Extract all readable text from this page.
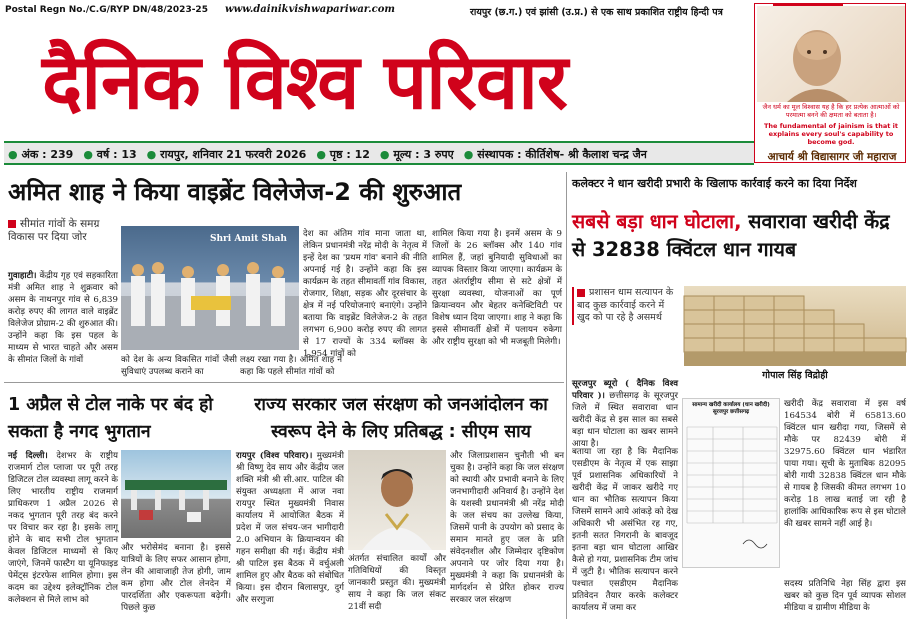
Postal Regn No./C.G/RYP DN/48/2023-25 www.dainikvishwapariwar.com	रायपुर (छ.ग.) एवं झांसी (उ.प्र.) से एक साथ प्रकाशित राष्ट्रीय हिन्दी पत्र
दैनिक विश्व परिवार	जैन धर्म का मूल विश्वास यह है कि हर प्रत्येक आत्माओं को परमात्मा बनने की क्षमता को बताता है।
The fundamental of jainism is that it explains every soul's capability to become god.
● अंक : 239 ● वर्ष : 13 ● रायपुर, शनिवार 21 फरवरी 2026 ● पृष्ठ : 12 ● मूल्य : 3 रुपए ● संस्थापक : कीर्तिशेष- श्री कैलाश चन्द्र जैन	आचार्य श्री विद्यासागर जी महाराज
अमित शाह ने किया वाइब्रेंट विलेजेज-2 की शुरुआत
सीमांत गांवों के समग्र विकास पर दिया जोर
गुवाहाटी। केंद्रीय गृह एवं सहकारिता मंत्री अमित शाह ने शुक्रवार को असम के नाथनपुर गांव से 6,839 करोड़ रुपए की लागत वाले वाइब्रेंट विलेजेज प्रोग्राम-2 की शुरुआत की। उन्होंने कहा कि इस पहल के माध्यम से भारत चाहते और असम के सीमांत जिलों के गांवों
Shri Amit Shah
को देश के अन्य विकसित गांवों जैसी सुविधाएं उपलब्ध कराने का
लक्ष्य रखा गया है। अमित शाह ने कहा कि पहले सीमांत गांवों को
देश का अंतिम गांव माना जाता था, लेकिन प्रधानमंत्री नरेंद्र मोदी के नेतृत्व में इन्हें देश का 'प्रथम गांव' बनाने की नीति अपनाई गई है। उन्होंने कहा कि इस कार्यक्रम के तहत सीमावर्ती गांव विकास, रोजगार, शिक्षा, सड़क और दूरसंचार के क्षेत्र में नई परियोजनाएं बनाएंगे। उन्होंने बताया कि वाइब्रेंट विलेजेज-2 के तहत लगभग 6,900 करोड़ रुपए की लागत से 17 राज्यों के 334 ब्लॉक्स के 1,954 गांवों को
शामिल किया गया है। इनमें असम के 9 जिलों के 26 ब्लॉक्स और 140 गांव शामिल हैं, जहां बुनियादी सुविधाओं का व्यापक विस्तार किया जाएगा। कार्यक्रम के तहत अंतर्राष्ट्रीय सीमा से सटे क्षेत्रों में सुरक्षा व्यवस्था, योजनाओं का पूर्ण क्रियान्वयन और बेहतर कनेक्टिविटी पर विशेष ध्यान दिया जाएगा। शाह ने कहा कि इससे सीमावर्ती क्षेत्रों में पलायन रुकेगा और राष्ट्रीय सुरक्षा को भी मजबूती मिलेगी।
1 अप्रैल से टोल नाके पर बंद हो सकता है नगद भुगतान
नई दिल्ली। देशभर के राष्ट्रीय राजमार्ग टोल प्लाजा पर पूरी तरह डिजिटल टोल व्यवस्था लागू करने के लिए भारतीय राष्ट्रीय राजमार्ग प्राधिकरण 1 अप्रैल 2026 से नकद भुगतान पूरी तरह बंद करने पर विचार कर रहा है। इसके लागू होने के बाद सभी टोल भुगतान केवल डिजिटल माध्यमों से किए जाएंगे, जिनमें फास्टैग या यूनिफाइड पेमेंट्स इंटरफेस शामिल होगा। इस कदम का उद्देश्य इलेक्ट्रॉनिक टोल कलेक्शन से मिले लाभ को
और भरोसेमंद बनाना है। इससे यात्रियों के लिए सफर आसान होगा, लेन की आवाजाही तेज होगी, जाम कम होगा और टोल लेनदेन में पारदर्शिता और एकरूपता बढ़ेगी। पिछले कुछ
राज्य सरकार जल संरक्षण को जनआंदोलन का स्वरूप देने के लिए प्रतिबद्ध : सीएम साय
रायपुर (विश्व परिवार)। मुख्यमंत्री श्री विष्णु देव साय और केंद्रीय जल शक्ति मंत्री श्री सी.आर. पाटिल की संयुक्त अध्यक्षता में आज नवा रायपुर स्थित मुख्यमंत्री निवास कार्यालय में आयोजित बैठक में प्रदेश में जल संचय-जन भागीदारी 2.0 अभियान के क्रियान्वयन की गहन समीक्षा की गई। केंद्रीय मंत्री श्री पाटिल इस बैठक में वर्चुअली शामिल हुए और बैठक को संबोधित किया। इस दौरान बिलासपुर, दुर्ग और सरगुजा
अंतर्गत संचालित कार्यों और गतिविधियों की विस्तृत जानकारी प्रस्तुत की। मुख्यमंत्री साय ने कहा कि जल संकट 21वीं सदी
और जिलाप्रशासन चुनौती भी बन चुका है। उन्होंने कहा कि जल संरक्षण को स्थायी और प्रभावी बनाने के लिए जनभागीदारी अनिवार्य है। उन्होंने देश के यशस्वी प्रधानमंत्री श्री नरेंद्र मोदी के जल संचय का उल्लेख किया, जिसमें पानी के उपयोग को प्रसाद के समान मानते हुए जल के प्रति संवेदनशील और जिम्मेदार दृष्टिकोण अपनाने पर जोर दिया गया है। मुख्यमंत्री ने कहा कि प्रधानमंत्री के मार्गदर्शन से प्रेरित होकर राज्य सरकार जल संरक्षण
कलेक्टर ने धान खरीदी प्रभारी के खिलाफ कार्रवाई करने का दिया निर्देश
सबसे बड़ा धान घोटाला, सवारावा खरीदी केंद्र से 32838 क्विंटल धान गायब
प्रशासन धाम सत्यापन के बाद कुछ कार्रवाई करने में खुद को पा रहे है असमर्थ
गोपाल सिंह विद्रोही
सूरजपुर ब्यूरो ( दैनिक विश्व परिवार )। छत्तीसगढ़ के सूरजपुर जिले में स्थित सवारावा धान खरीदी केंद्र से इस साल का सबसे बड़ा धान घोटाला का खबर सामने आया है।
बताया जा रहा है कि मैदानिक एसडीएम के नेतृत्व में एक साझा पूर्व प्रशासनिक अधिकारियों ने खरीदी केंद्र में जाकर खरीदे गए धान का भौतिक सत्यापन किया जिसमें सामने आये आंकड़े को देख अधिकारी भी असंभित रह गए, इतनी सतत निगरानी के बावजूद इतना बड़ा धान घोटाला आखिर कैसे हो गया, प्रशासनिक टीम जांच में जुटी है। भौतिक सत्यापन करने पश्चात एसडीएम मैदानिक प्रतिवेदन तैयार करके कलेक्टर कार्यालय में जमा कर
सामान्य खरीदी कार्यालय (धान खरीदी) सूरजपुर छत्तीसगढ़
खरीदी केंद्र सवारावा में इस वर्ष 164534 बोरी में 65813.60 क्विंटल धान खरीदा गया, जिसमें से मौके पर 82439 बोरी में 32975.60 क्विंटल धान भंडारित पाया गया। सूची के मुताबिक 82095 बोरी गायी 32838 क्विंटल धान मौके से गायब है जिसकी कीमत लगभग 10 करोड़ 18 लाख बताई जा रही है हालांकि आधिकारिक रूप से इस घोटाले की खबर सामने नहीं आई है।
सदस्य प्रतिनिधि नेहा सिंह द्वारा इस खबर को कुछ दिन पूर्व व्यापक सोशल मीडिया व ग्रामीण मीडिया के
